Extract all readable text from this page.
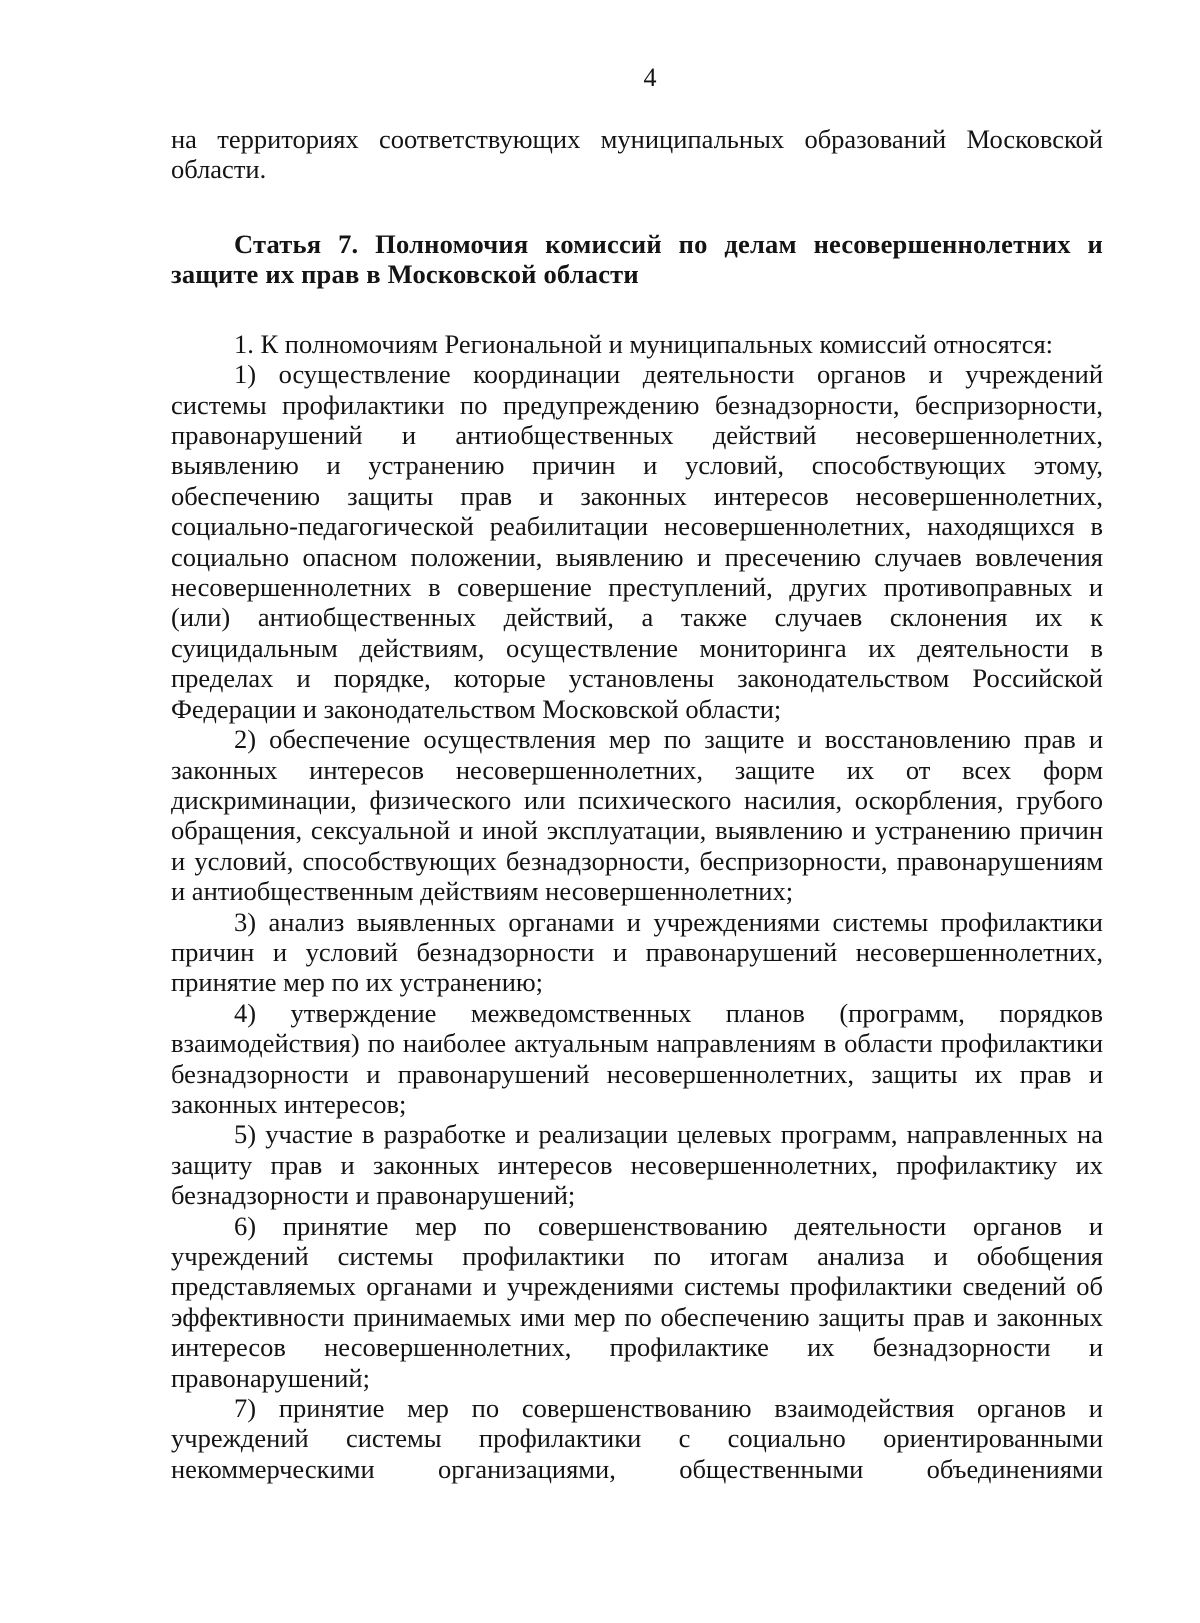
4

на территориях соответствующих муниципальных образований Московской области.

Статья 7. Полномочия комиссий по делам несовершеннолетних и защите их прав в Московской области

1. К полномочиям Региональной и муниципальных комиссий относятся:

1) осуществление координации деятельности органов и учреждений системы профилактики по предупреждению безнадзорности, беспризорности, правонарушений и антиобщественных действий несовершеннолетних, выявлению и устранению причин и условий, способствующих этому, обеспечению защиты прав и законных интересов несовершеннолетних, социально-педагогической реабилитации несовершеннолетних, находящихся в социально опасном положении, выявлению и пресечению случаев вовлечения несовершеннолетних в совершение преступлений, других противоправных и (или) антиобщественных действий, а также случаев склонения их к суицидальным действиям, осуществление мониторинга их деятельности в пределах и порядке, которые установлены законодательством Российской Федерации и законодательством Московской области;

2) обеспечение осуществления мер по защите и восстановлению прав и законных интересов несовершеннолетних, защите их от всех форм дискриминации, физического или психического насилия, оскорбления, грубого обращения, сексуальной и иной эксплуатации, выявлению и устранению причин и условий, способствующих безнадзорности, беспризорности, правонарушениям и антиобщественным действиям несовершеннолетних;

3) анализ выявленных органами и учреждениями системы профилактики причин и условий безнадзорности и правонарушений несовершеннолетних, принятие мер по их устранению;

4) утверждение межведомственных планов (программ, порядков взаимодействия) по наиболее актуальным направлениям в области профилактики безнадзорности и правонарушений несовершеннолетних, защиты их прав и законных интересов;

5) участие в разработке и реализации целевых программ, направленных на защиту прав и законных интересов несовершеннолетних, профилактику их безнадзорности и правонарушений;

6) принятие мер по совершенствованию деятельности органов и учреждений системы профилактики по итогам анализа и обобщения представляемых органами и учреждениями системы профилактики сведений об эффективности принимаемых ими мер по обеспечению защиты прав и законных интересов несовершеннолетних, профилактике их безнадзорности и правонарушений;

7) принятие мер по совершенствованию взаимодействия органов и учреждений системы профилактики с социально ориентированными некоммерческими организациями, общественными объединениями
